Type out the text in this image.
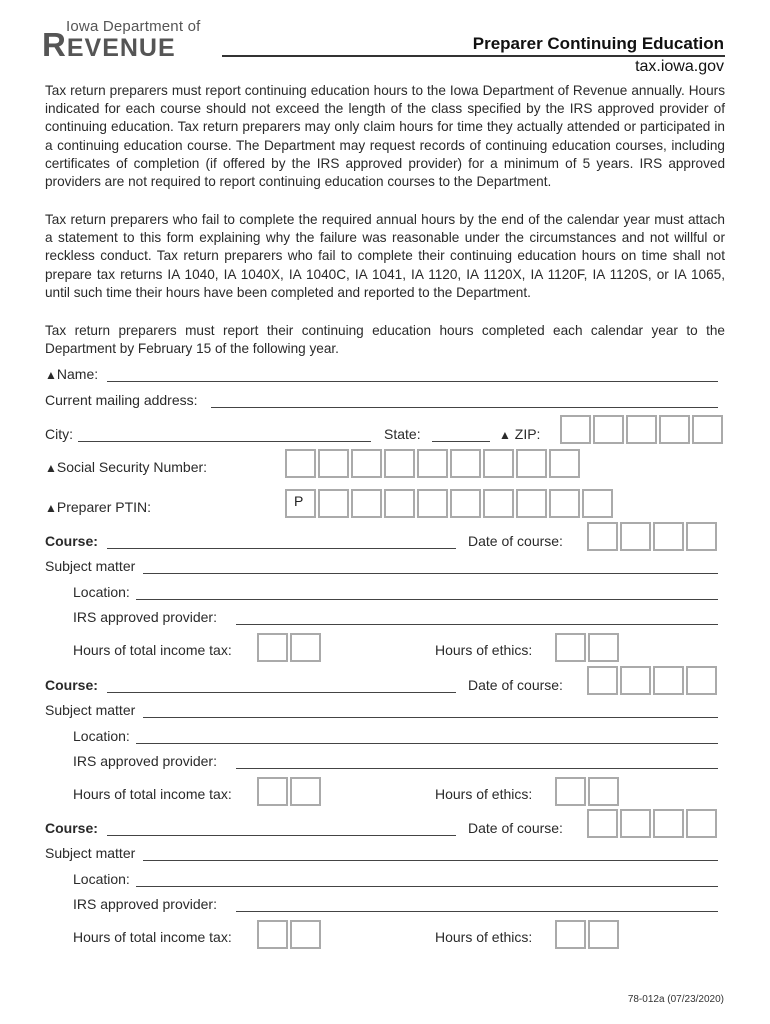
Iowa Department of
REVENUE	Preparer Continuing Education
tax.iowa.gov
Tax return preparers must report continuing education hours to the Iowa Department of Revenue annually. Hours indicated for each course should not exceed the length of the class specified by the IRS approved provider of continuing education. Tax return preparers may only claim hours for time they actually attended or participated in a continuing education course. The Department may request records of continuing education courses, including certificates of completion (if offered by the IRS approved provider) for a minimum of 5 years. IRS approved providers are not required to report continuing education courses to the Department.
Tax return preparers who fail to complete the required annual hours by the end of the calendar year must attach a statement to this form explaining why the failure was reasonable under the circumstances and not willful or reckless conduct. Tax return preparers who fail to complete their continuing education hours on time shall not prepare tax returns IA 1040, IA 1040X, IA 1040C, IA 1041, IA 1120, IA 1120X, IA 1120F, IA 1120S, or IA 1065, until such time their hours have been completed and reported to the Department.
Tax return preparers must report their continuing education hours completed each calendar year to the Department by February 15 of the following year.
▲Name:
Current mailing address:
City:	State:	▲ ZIP:
▲Social Security Number:
▲Preparer PTIN:	P
Course:	Date of course:
Subject matter
Location:
IRS approved provider:
Hours of total income tax:	Hours of ethics:
Course:	Date of course:
Subject matter
Location:
IRS approved provider:
Hours of total income tax:	Hours of ethics:
Course:	Date of course:
Subject matter
Location:
IRS approved provider:
Hours of total income tax:	Hours of ethics:
78-012a (07/23/2020)
